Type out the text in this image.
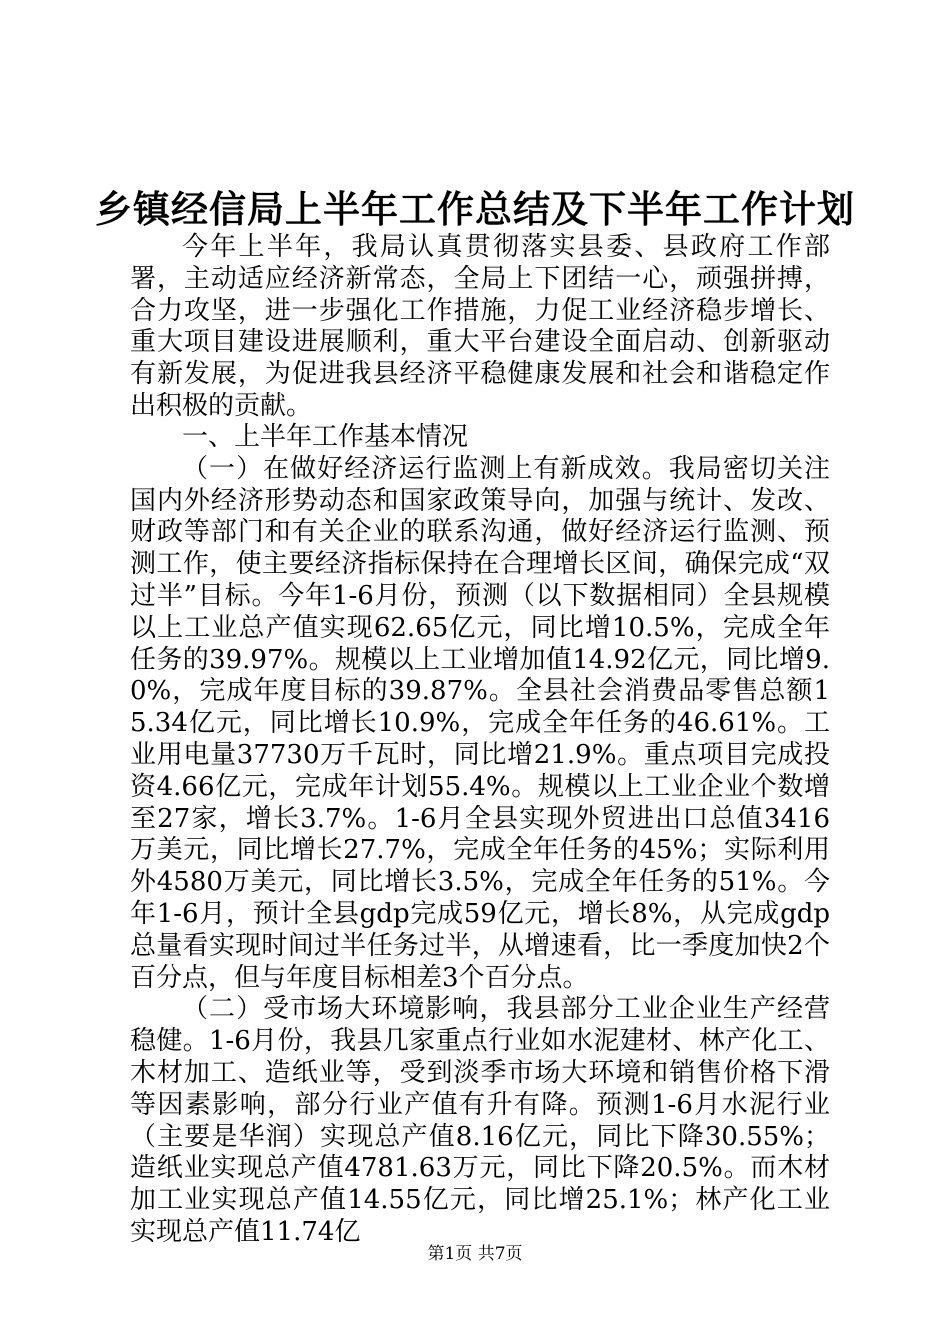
乡镇经信局上半年工作总结及下半年工作计划

今年上半年，我局认真贯彻落实县委、县政府工作部署，主动适应经济新常态，全局上下团结一心，顽强拼搏，合力攻坚，进一步强化工作措施，力促工业经济稳步增长、重大项目建设进展顺利，重大平台建设全面启动、创新驱动有新发展，为促进我县经济平稳健康发展和社会和谐稳定作出积极的贡献。

一、上半年工作基本情况

（一）在做好经济运行监测上有新成效。我局密切关注国内外经济形势动态和国家政策导向，加强与统计、发改、财政等部门和有关企业的联系沟通，做好经济运行监测、预测工作，使主要经济指标保持在合理增长区间，确保完成“双过半”目标。今年1-6月份，预测（以下数据相同）全县规模以上工业总产值实现62.65亿元，同比增10.5%，完成全年任务的39.97%。规模以上工业增加值14.92亿元，同比增9.0%，完成年度目标的39.87%。全县社会消费品零售总额15.34亿元，同比增长10.9%，完成全年任务的46.61%。工业用电量37730万千瓦时，同比增21.9%。重点项目完成投资4.66亿元，完成年计划55.4%。规模以上工业企业个数增至27家，增长3.7%。1-6月全县实现外贸进出口总值3416万美元，同比增长27.7%，完成全年任务的45%；实际利用外4580万美元，同比增长3.5%，完成全年任务的51%。今年1-6月，预计全县gdp完成59亿元，增长8%，从完成gdp总量看实现时间过半任务过半，从增速看，比一季度加快2个百分点，但与年度目标相差3个百分点。

（二）受市场大环境影响，我县部分工业企业生产经营稳健。1-6月份，我县几家重点行业如水泥建材、林产化工、木材加工、造纸业等，受到淡季市场大环境和销售价格下滑等因素影响，部分行业产值有升有降。预测1-6月水泥行业（主要是华润）实现总产值8.16亿元，同比下降30.55%；造纸业实现总产值4781.63万元，同比下降20.5%。而木材加工业实现总产值14.55亿元，同比增25.1%；林产化工业实现总产值11.74亿

第1页 共7页
